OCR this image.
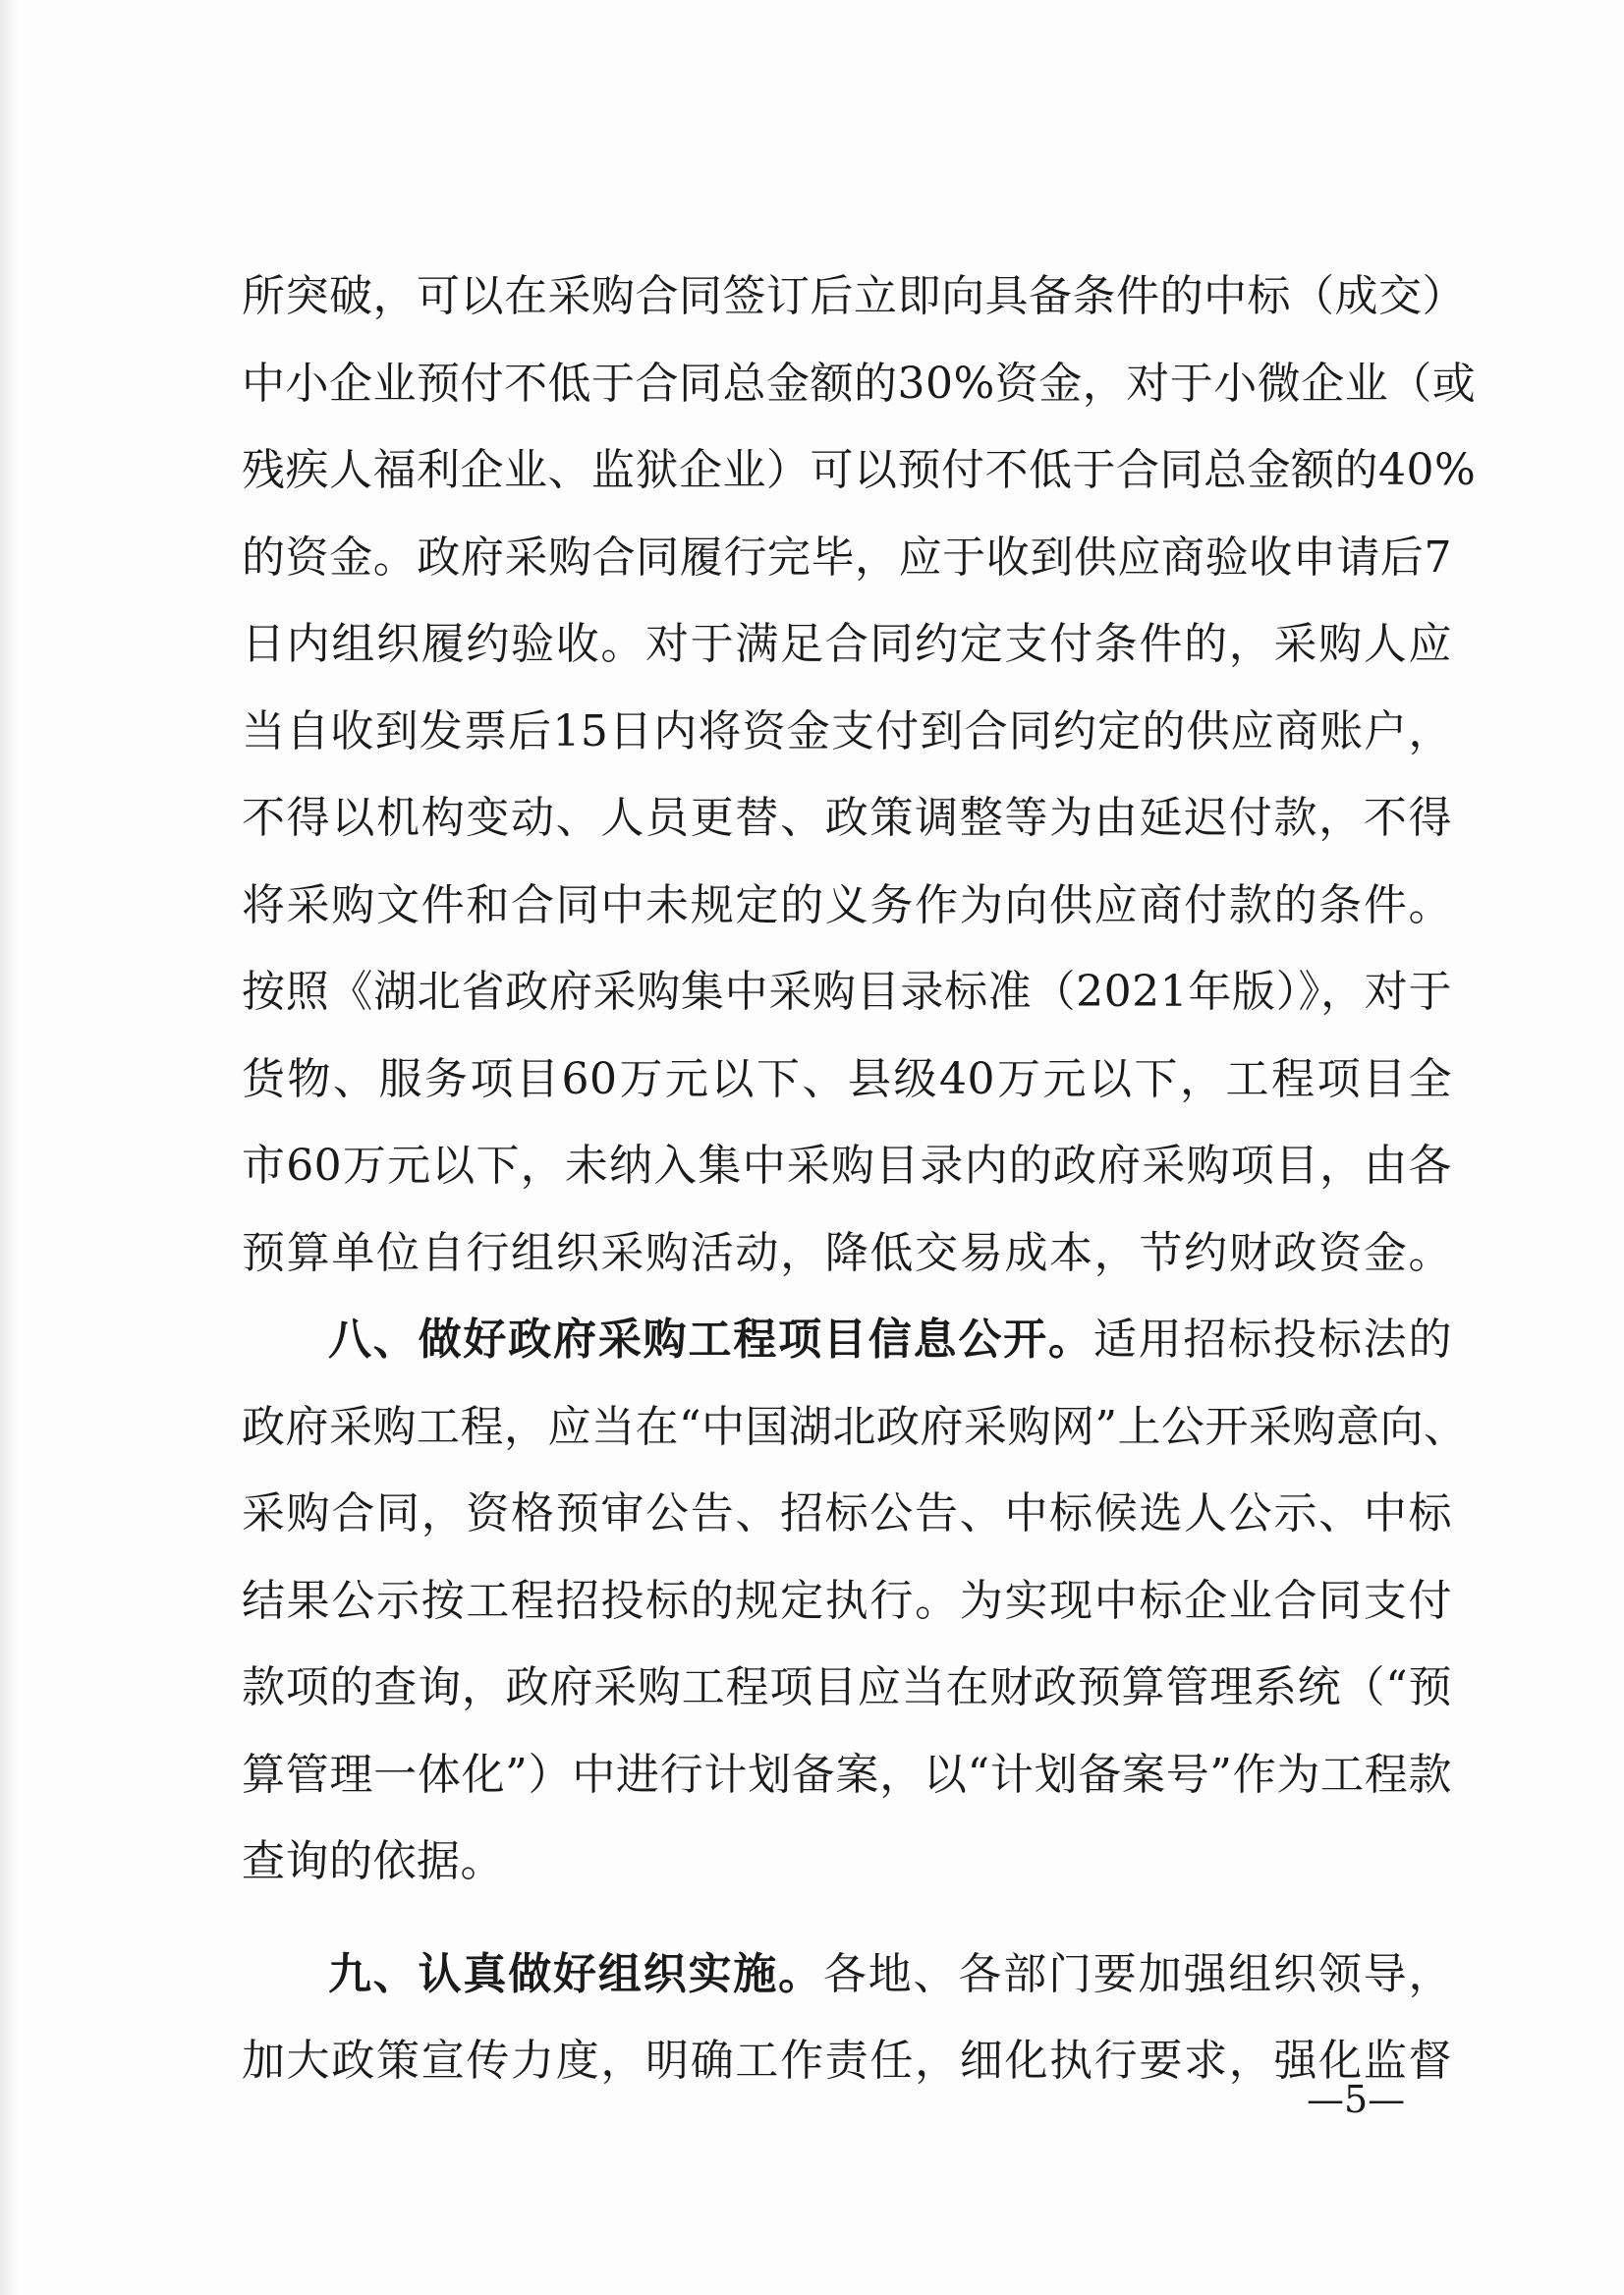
所突破，可以在采购合同签订后立即向具备条件的中标（成交）
中小企业预付不低于合同总金额的30%资金，对于小微企业（或
残疾人福利企业、监狱企业）可以预付不低于合同总金额的40%
的资金。政府采购合同履行完毕，应于收到供应商验收申请后7
日内组织履约验收。对于满足合同约定支付条件的，采购人应
当自收到发票后15日内将资金支付到合同约定的供应商账户，
不得以机构变动、人员更替、政策调整等为由延迟付款，不得
将采购文件和合同中未规定的义务作为向供应商付款的条件。
按照《湖北省政府采购集中采购目录标准（2021年版）》，对于
货物、服务项目60万元以下、县级40万元以下，工程项目全
市60万元以下，未纳入集中采购目录内的政府采购项目，由各
预算单位自行组织采购活动，降低交易成本，节约财政资金。
八、做好政府采购工程项目信息公开。适用招标投标法的
政府采购工程，应当在“中国湖北政府采购网”上公开采购意向、
采购合同，资格预审公告、招标公告、中标候选人公示、中标
结果公示按工程招投标的规定执行。为实现中标企业合同支付
款项的查询，政府采购工程项目应当在财政预算管理系统（“预
算管理一体化”）中进行计划备案，以“计划备案号”作为工程款
查询的依据。
九、认真做好组织实施。各地、各部门要加强组织领导，
加大政策宣传力度，明确工作责任，细化执行要求，强化监督
—5—
